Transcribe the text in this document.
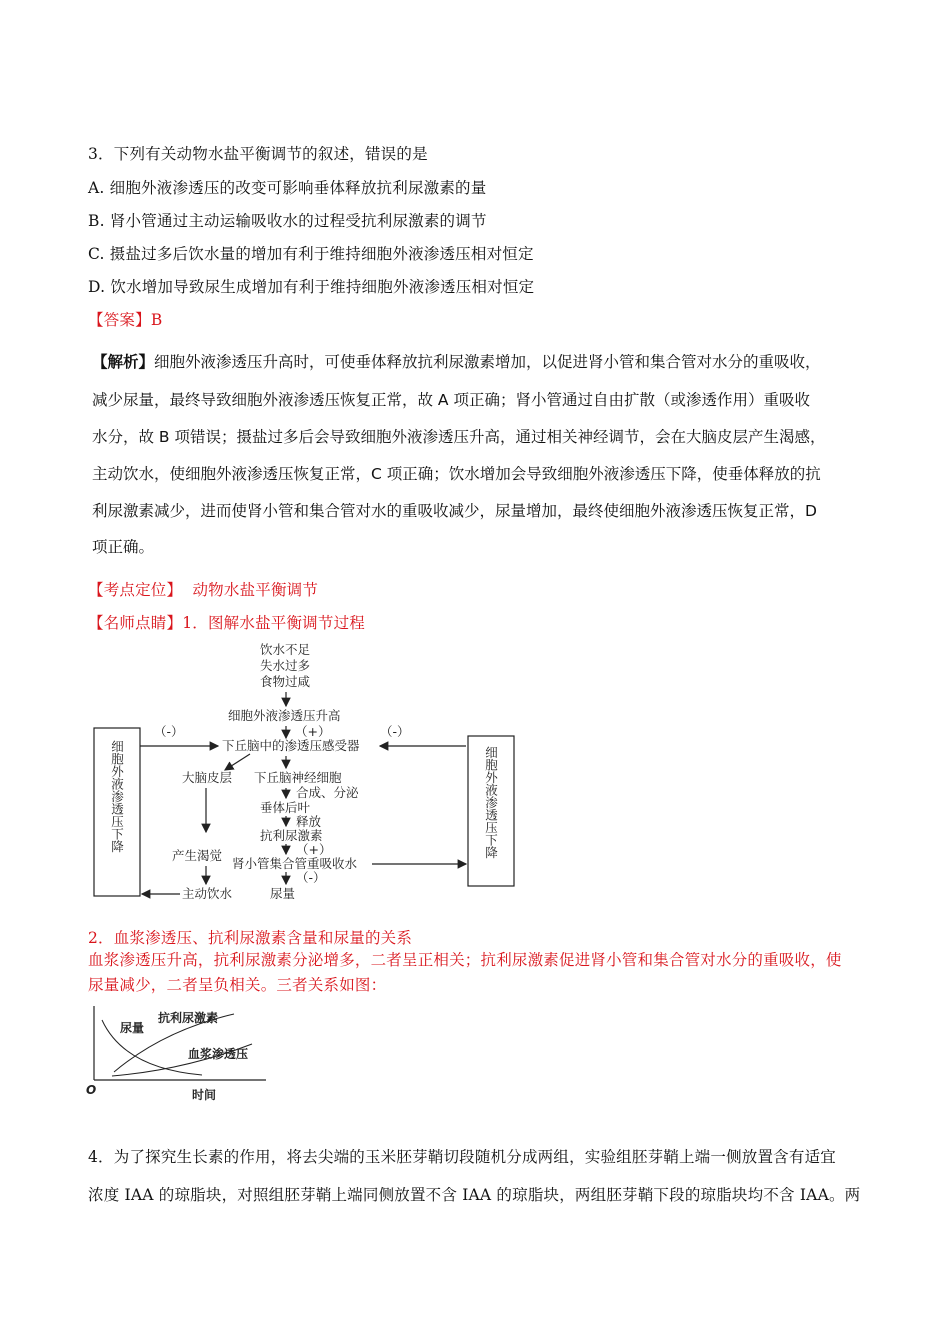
3．下列有关动物水盐平衡调节的叙述，错误的是
A. 细胞外液渗透压的改变可影响垂体释放抗利尿激素的量
B. 肾小管通过主动运输吸收水的过程受抗利尿激素的调节
C. 摄盐过多后饮水量的增加有利于维持细胞外液渗透压相对恒定
D. 饮水增加导致尿生成增加有利于维持细胞外液渗透压相对恒定
【答案】B
【解析】细胞外液渗透压升高时，可使垂体释放抗利尿激素增加，以促进肾小管和集合管对水分的重吸收，
减少尿量，最终导致细胞外液渗透压恢复正常，故 A 项正确；肾小管通过自由扩散（或渗透作用）重吸收
水分，故 B 项错误；摄盐过多后会导致细胞外液渗透压升高，通过相关神经调节，会在大脑皮层产生渴感，
主动饮水，使细胞外液渗透压恢复正常，C 项正确；饮水增加会导致细胞外液渗透压下降，使垂体释放的抗
利尿激素减少，进而使肾小管和集合管对水的重吸收减少，尿量增加，最终使细胞外液渗透压恢复正常，D
项正确。
【考点定位】 动物水盐平衡调节
【名师点睛】1．图解水盐平衡调节过程
饮水不足
失水过多
食物过咸
细胞外液渗透压升高
（+）
下丘脑中的渗透压感受器
细胞外液渗透压下降	细胞外液渗透压下降
（-）	（-）
大脑皮层 下丘脑神经细胞
合成、分泌
垂体后叶
释放
抗利尿激素
（+）
产生渴觉
肾小管集合管重吸收水
（-）
主动饮水	尿量
2．血浆渗透压、抗利尿激素含量和尿量的关系
血浆渗透压升高，抗利尿激素分泌增多，二者呈正相关；抗利尿激素促进肾小管和集合管对水分的重吸收，使
尿量减少，二者呈负相关。三者关系如图：
O	时间
尿量
抗利尿激素
血浆渗透压
4．为了探究生长素的作用，将去尖端的玉米胚芽鞘切段随机分成两组，实验组胚芽鞘上端一侧放置含有适宜
浓度 IAA 的琼脂块，对照组胚芽鞘上端同侧放置不含 IAA 的琼脂块，两组胚芽鞘下段的琼脂块均不含 IAA。两
